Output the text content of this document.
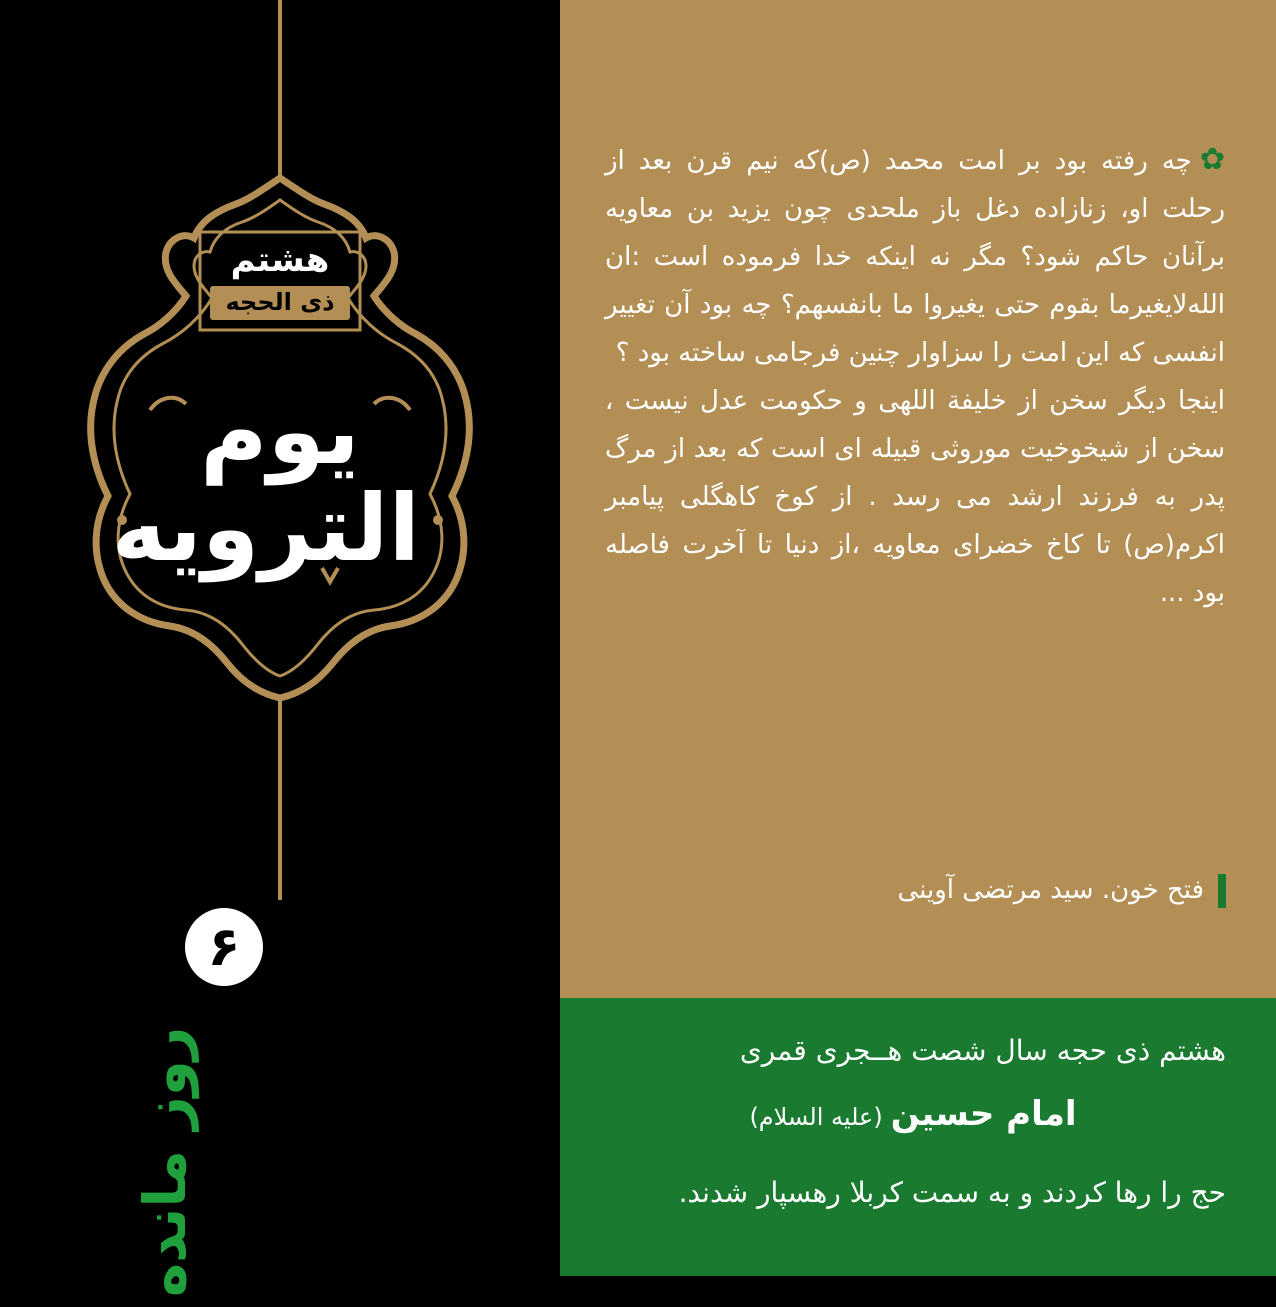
هشتم
ذی الحجه
یوم الترویه
۶
روز مانده

✿چه رفته بود بر امت محمد (ص)که نیم قرن بعد از رحلت او، زنازاده دغل باز ملحدی چون یزید بن معاویه برآنان حاکم شود؟ مگر نه اینکه خدا فرموده است :ان الله‌لایغیرما بقوم حتی یغیروا ما بانفسهم؟ چه بود آن تغییر انفسی که این امت را سزاوار چنین فرجامی ساخته بود ؟

اینجا دیگر سخن از خلیفة اللهی و حکومت عدل نیست ، سخن از شیخوخیت موروثی قبیله ای است که بعد از مرگ پدر به فرزند ارشد می رسد . از کوخ کاهگلی پیامبر اکرم(ص) تا کاخ خضرای معاویه ،از دنیا تا آخرت فاصله بود ...

فتح خون. سید مرتضی آوینی
هشتم ذی حجه سال شصت هــجری قمری
امام حسین(علیه السلام)
حج را رها کردند و به سمت کربلا رهسپار شدند.
